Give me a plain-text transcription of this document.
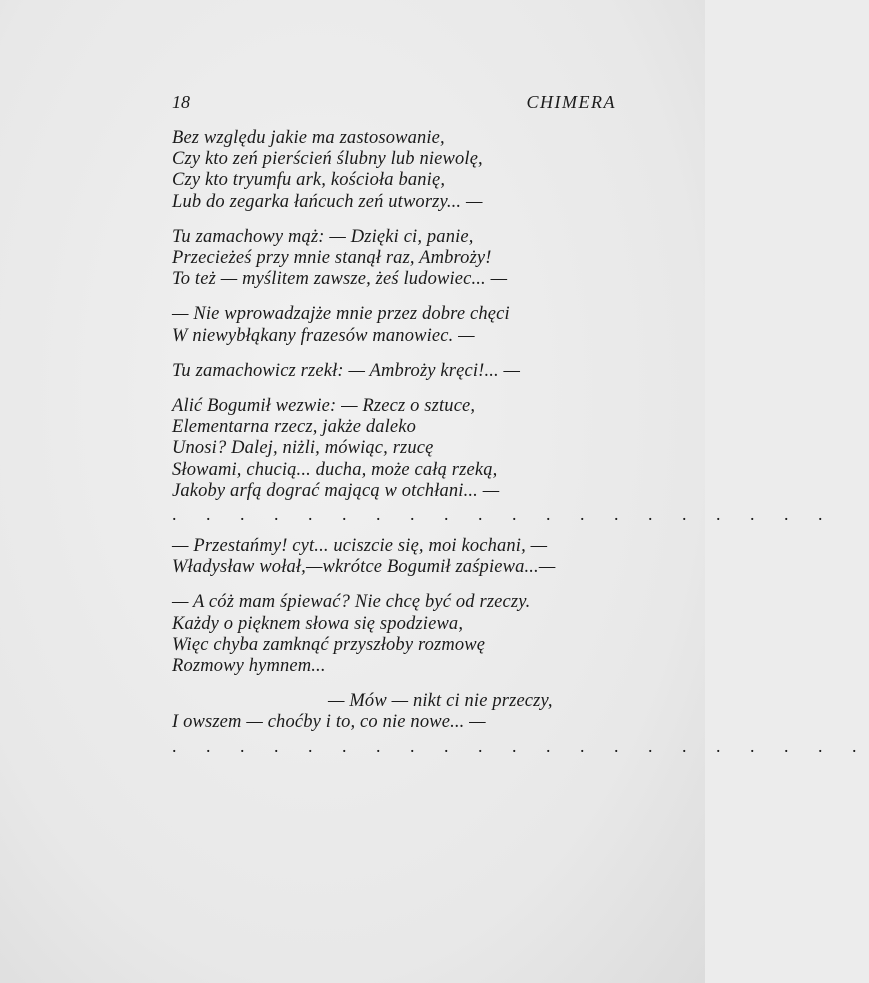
18	CHIMERA
Bez względu jakie ma zastosowanie,
Czy kto zeń pierścień ślubny lub niewolę,
Czy kto tryumfu ark, kościoła banię,
Lub do zegarka łańcuch zeń utworzy... —
Tu zamachowy mąż: — Dzięki ci, panie,
Przecieżeś przy mnie stanął raz, Ambroży!
To też — myślitem zawsze, żeś ludowiec... —
— Nie wprowadzajże mnie przez dobre chęci
W niewybłąkany frazesów manowiec. —
Tu zamachowicz rzekł: — Ambroży kręci!... —
Alić Bogumił wezwie: — Rzecz o sztuce,
Elementarna rzecz, jakże daleko
Unosi? Dalej, niżli, mówiąc, rzucę
Słowami, chucią... ducha, może całą rzeką,
Jakoby arfą dograć mającą w otchłani... —
. . . . . . . . . . . . . . . . . . . .
— Przestańmy! cyt... uciszcie się, moi kochani, —
Władysław wołał,—wkrótce Bogumił zaśpiewa...—
— A cóż mam śpiewać? Nie chcę być od rzeczy.
Każdy o pięknem słowa się spodziewa,
Więc chyba zamknąć przyszłoby rozmowę
Rozmowy hymnem...
— Mów — nikt ci nie przeczy,
I owszem — choćby i to, co nie nowe... —
. . . . . . . . . . . . . . . . . . . . .
